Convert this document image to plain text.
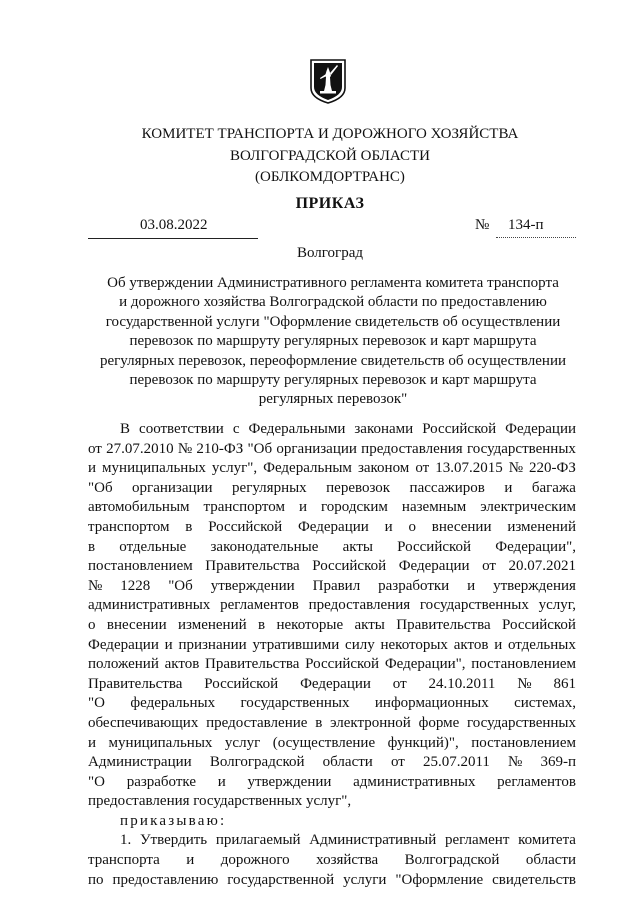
КОМИТЕТ ТРАНСПОРТА И ДОРОЖНОГО ХОЗЯЙСТВА
ВОЛГОГРАДСКОЙ ОБЛАСТИ
(ОБЛКОМДОРТРАНС)
ПРИКАЗ
03.08.2022	№ 134-п
Волгоград
Об утверждении Административного регламента комитета транспорта
и дорожного хозяйства Волгоградской области по предоставлению
государственной услуги "Оформление свидетельств об осуществлении
перевозок по маршруту регулярных перевозок и карт маршрута
регулярных перевозок, переоформление свидетельств об осуществлении
перевозок по маршруту регулярных перевозок и карт маршрута
регулярных перевозок"
В соответствии с Федеральными законами Российской Федерации
от 27.07.2010 № 210-ФЗ "Об организации предоставления государственных
и муниципальных услуг", Федеральным законом от 13.07.2015 № 220-ФЗ
"Об организации регулярных перевозок пассажиров и багажа
автомобильным транспортом и городским наземным электрическим
транспортом в Российской Федерации и о внесении изменений
в отдельные законодательные акты Российской Федерации",
постановлением Правительства Российской Федерации от 20.07.2021
№ 1228 "Об утверждении Правил разработки и утверждения
административных регламентов предоставления государственных услуг,
о внесении изменений в некоторые акты Правительства Российской
Федерации и признании утратившими силу некоторых актов и отдельных
положений актов Правительства Российской Федерации", постановлением
Правительства Российской Федерации от 24.10.2011 № 861
"О федеральных государственных информационных системах,
обеспечивающих предоставление в электронной форме государственных
и муниципальных услуг (осуществление функций)", постановлением
Администрации Волгоградской области от 25.07.2011 № 369-п
"О разработке и утверждении административных регламентов
предоставления государственных услуг",
приказываю:
1. Утвердить прилагаемый Административный регламент комитета
транспорта и дорожного хозяйства Волгоградской области
по предоставлению государственной услуги "Оформление свидетельств
